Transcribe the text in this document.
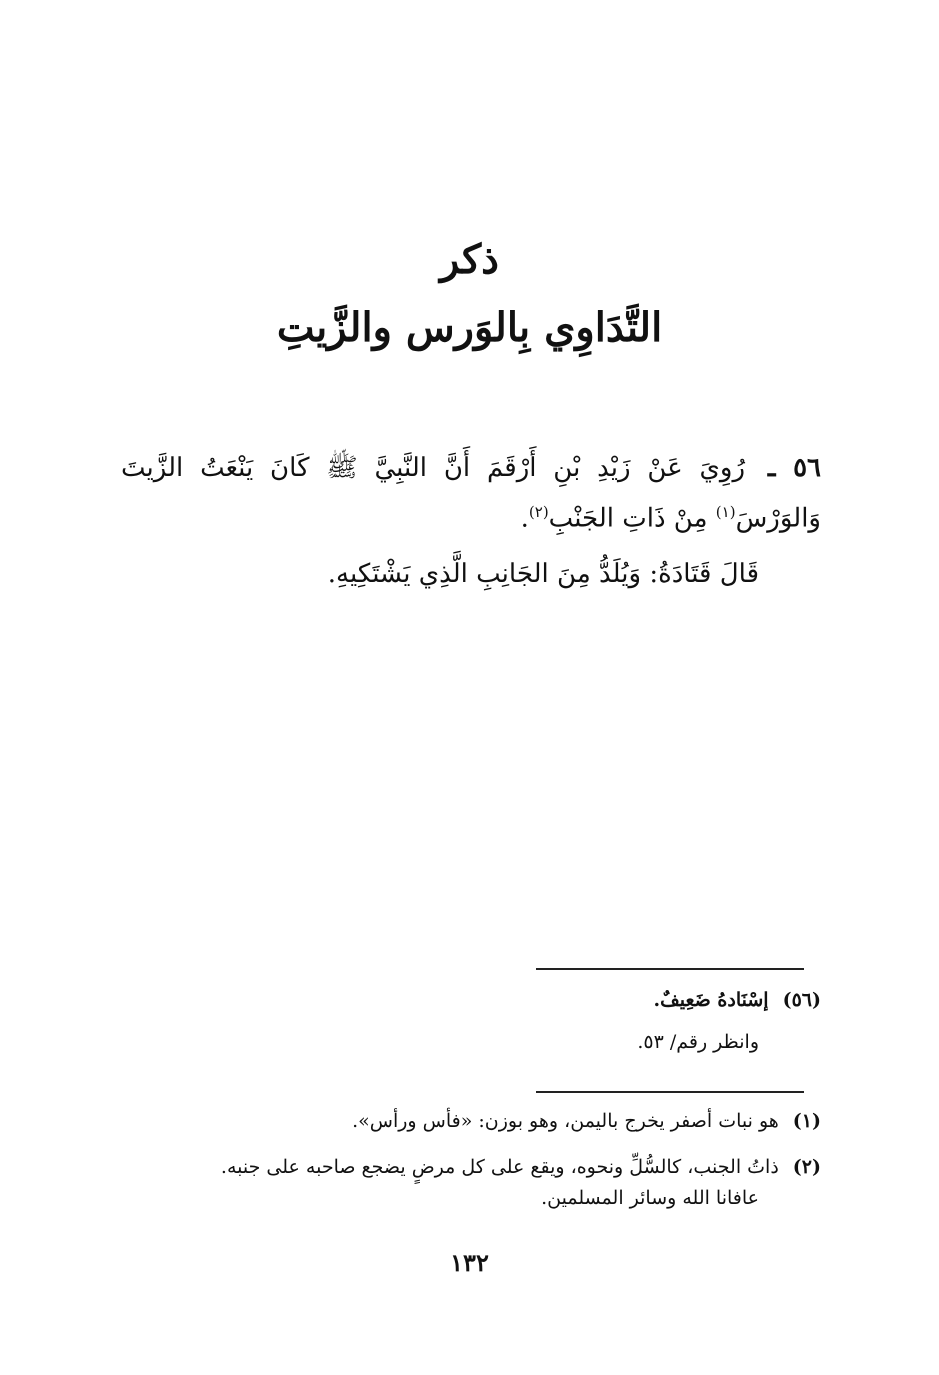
ذكر
التَّدَاوِي بِالوَرس والزَّيتِ
٥٦ ـ رُوِيَ عَنْ زَيْدِ بْنِ أَرْقَمَ أَنَّ النَّبِيَّ ﷺ كَانَ يَنْعَتُ الزَّيتَ وَالوَرْسَ$^{(١)}$ مِنْ ذَاتِ الجَنْبِ$^{(٢)}$.
قَالَ قَتَادَةُ: وَيُلَدُّ مِنَ الجَانِبِ الَّذِي يَشْتَكِيهِ.
(٥٦)إسْنَادهُ ضَعِيفٌ.
وانظر رقم/ ٥٣.
(١)هو نبات أصفر يخرج باليمن، وهو بوزن: «فأس ورأس».
(٢)ذاتُ الجنب، كالسُّلِّ ونحوه، ويقع على كل مرضٍ يضجع صاحبه على جنبه.
عافانا الله وسائر المسلمين.
١٣٢
